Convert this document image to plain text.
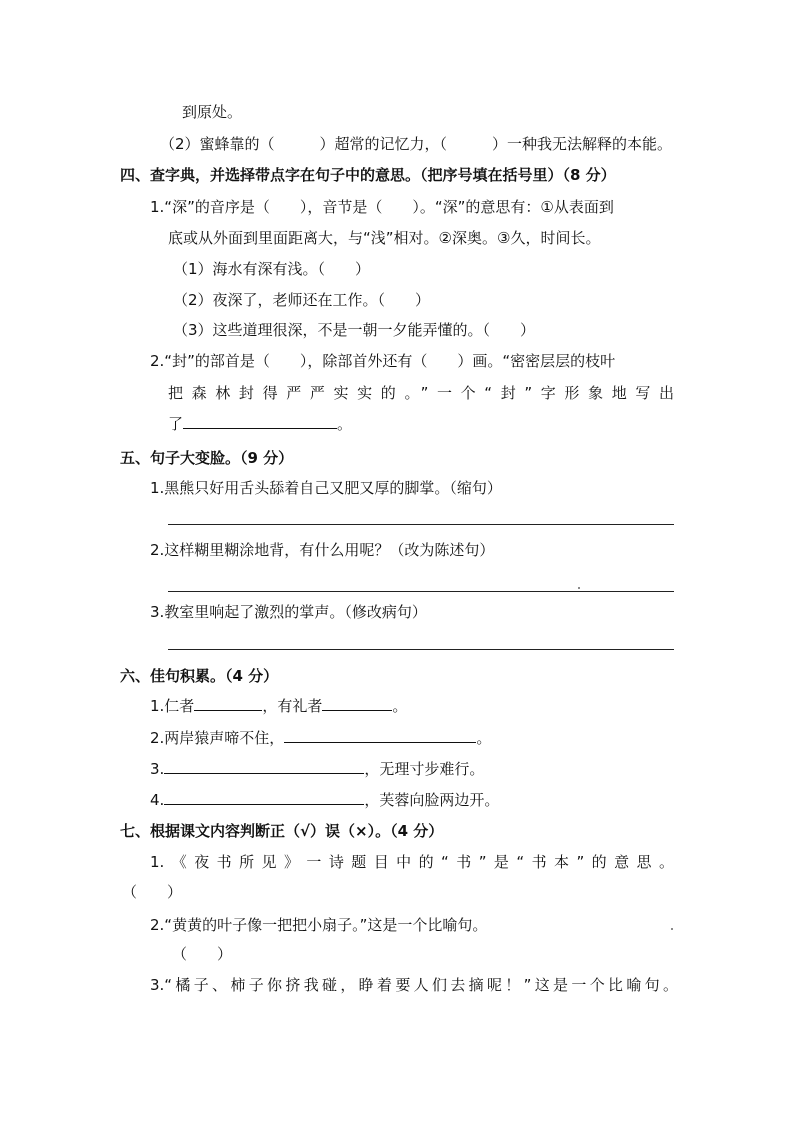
到原处。
（2）蜜蜂靠的（　　　）超常的记忆力，（　　　）一种我无法解释的本能。
四、查字典，并选择带点字在句子中的意思。（把序号填在括号里）（8 分）
1.“深”的音序是（　　），音节是（　　）。“深”的意思有：①从表面到
底或从外面到里面距离大，与“浅”相对。②深奥。③久，时间长。
（1）海水有深有浅。（　　）
（2）夜深了，老师还在工作。（　　）
（3）这些道理很深，不是一朝一夕能弄懂的。（　　）
2.“封”的部首是（　　），除部首外还有（　　）画。“密密层层的枝叶
把森林封得严严实实的。”一个“封”字形象地写出
了	。
五、句子大变脸。（9 分）
1.黑熊只好用舌头舔着自己又肥又厚的脚掌。（缩句）
2.这样糊里糊涂地背，有什么用呢？（改为陈述句）
3.教室里响起了激烈的掌声。（修改病句）
六、佳句积累。（4 分）
1.仁者	，有礼者	。
2.两岸猿声啼不住，	。
3.	，无理寸步难行。
4.	，芙蓉向脸两边开。
七、根据课文内容判断正（√）误（×）。（4 分）
1.《夜书所见》一诗题目中的“书”是“书本”的意思。
（　　）
2.“黄黄的叶子像一把把小扇子。”这是一个比喻句。
（　　）
3.“橘子、柿子你挤我碰，睁着要人们去摘呢！”这是一个比喻句。
